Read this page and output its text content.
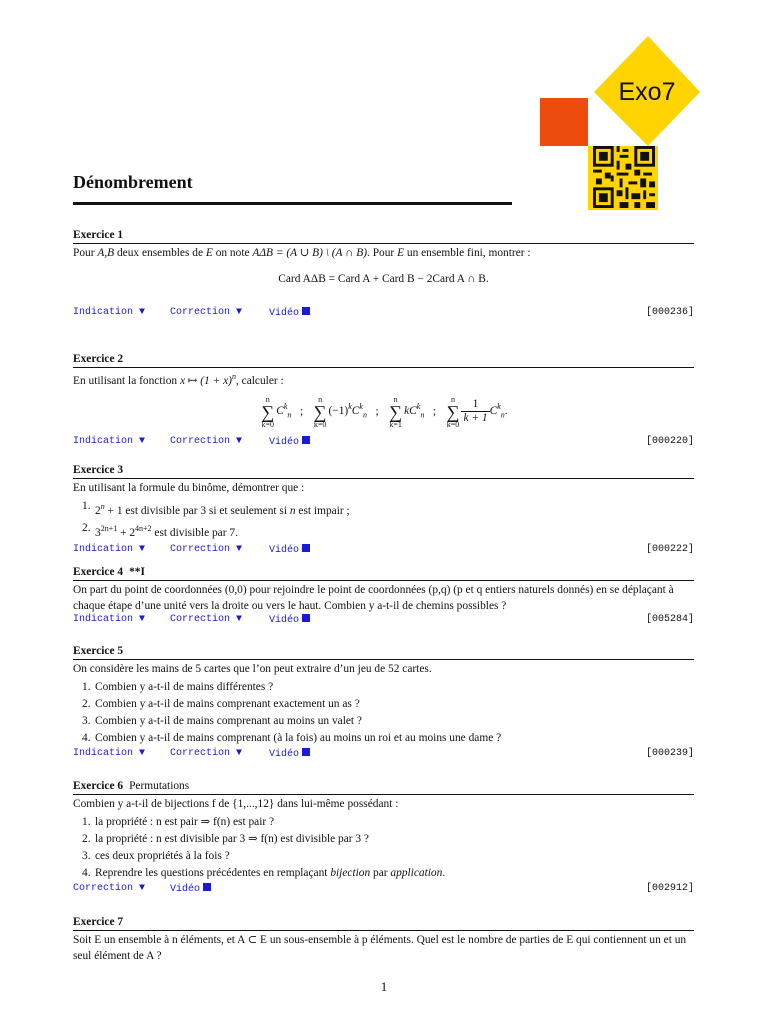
Exo7
Dénombrement
Exercice 1
Pour A,B deux ensembles de E on note AΔB = (A ∪ B) \ (A ∩ B). Pour E un ensemble fini, montrer :
Card AΔB = Card A + Card B − 2Card A ∩ B.
Indication ▼ Correction ▼	Vidéo	[000236]
Exercice 2
En utilisant la fonction x ↦ $(1 + x)^n$, calculer :
n
∑
k=0
$C^k_n$ ;
n
∑
k=0
$(-1)^kC^k_n$ ;
n
∑
k=1
$kC^k_n$ ;
n
∑
$k=0 \frac{1}{k + 1} C^k_n$.
Indication ▼ Correction ▼	Vidéo	[000220]
Exercice 3
En utilisant la formule du binôme, démontrer que :
1. $2^n + 1$ est divisible par 3 si et seulement si n est impair ;
2. $3^{2n+1} + 2^{4n+2}$ est divisible par 7.
Indication ▼ Correction ▼	Vidéo	[000222]
Exercice 4 **I
On part du point de coordonnées (0,0) pour rejoindre le point de coordonnées (p,q) (p et q entiers naturels donnés) en se déplaçant à
chaque étape d’une unité vers la droite ou vers le haut. Combien y a-t-il de chemins possibles ?
Indication ▼ Correction ▼	Vidéo	[005284]
Exercice 5
On considère les mains de 5 cartes que l’on peut extraire d’un jeu de 52 cartes.
1. Combien y a-t-il de mains différentes ?
2. Combien y a-t-il de mains comprenant exactement un as ?
3. Combien y a-t-il de mains comprenant au moins un valet ?
4. Combien y a-t-il de mains comprenant (à la fois) au moins un roi et au moins une dame ?
Indication ▼ Correction ▼	Vidéo	[000239]
Exercice 6 Permutations
Combien y a-t-il de bijections f de {1,...,12} dans lui-même possédant :
1. la propriété : n est pair ⇒ f(n) est pair ?
2. la propriété : n est divisible par 3 ⇒ f(n) est divisible par 3 ?
3. ces deux propriétés à la fois ?
4. Reprendre les questions précédentes en remplaçant bijection par application.
Correction ▼ Vidéo	[002912]
Exercice 7
Soit E un ensemble à n éléments, et A ⊂ E un sous-ensemble à p éléments. Quel est le nombre de parties de E qui contiennent un et un
seul élément de A ?
1
